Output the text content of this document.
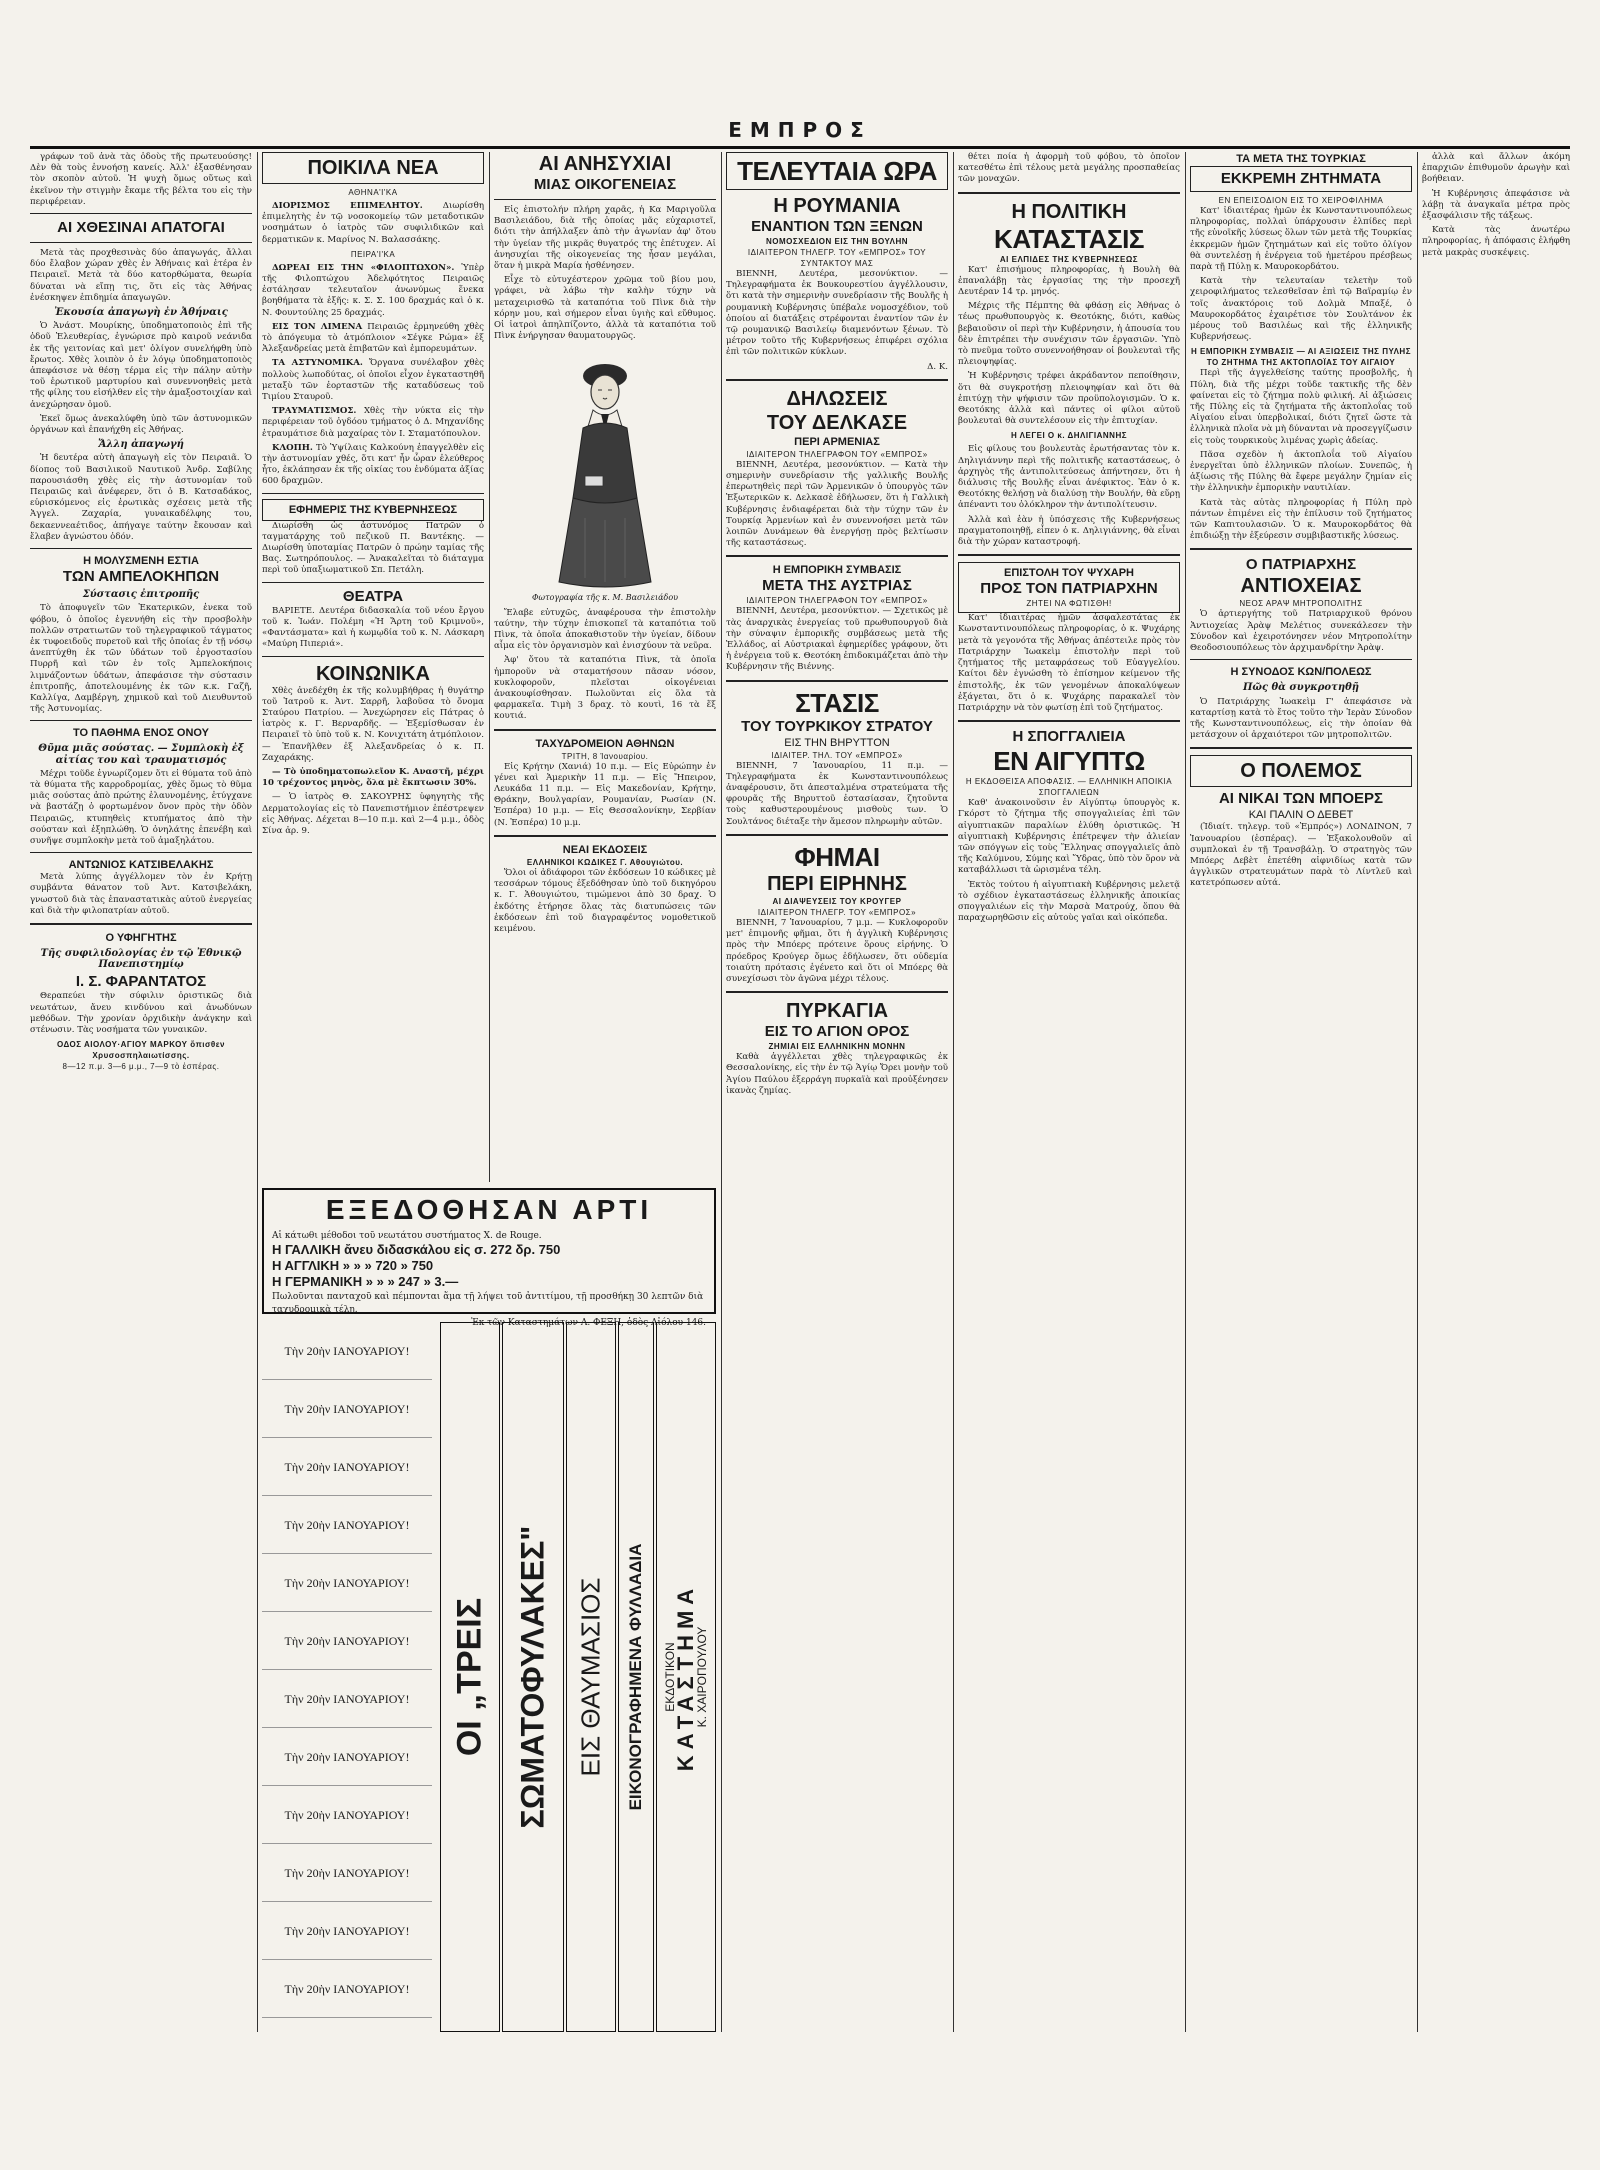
ΕΜΠΡΟΣ

γράφων τοῦ ἀνὰ τὰς ὁδοὺς τῆς πρωτευούσης! Δὲν θὰ τοὺς ἐννοήσῃ κανείς. Ἀλλ' ἐξασθένησαν τὸν σκοπὸν αὐτοῦ. Ἡ ψυχὴ ὅμως οὕτως καὶ ἐκεῖνον τὴν στιγμὴν ἔκαμε τῆς βέλτα του εἰς τὴν περιφέρειαν.

ΑΙ ΧΘΕΣΙΝΑΙ ΑΠΑΤΟΓΑΙ

Μετὰ τὰς προχθεσινὰς δύο ἀπαγωγάς, ἄλλαι δύο ἔλαβον χώραν χθὲς ἐν Ἀθήναις καὶ ἑτέρα ἐν Πειραιεῖ. Μετὰ τὰ δύο κατορθώματα, θεωρία δύναται νὰ εἴπῃ τις, ὅτι εἰς τὰς Ἀθήνας ἐνέσκηψεν ἐπιδημία ἀπαγωγῶν.

Ἐκουσία ἀπαγωγὴ ἐν Ἀθήναις

Ὁ Ἀνάστ. Μουρίκης, ὑποδηματοποιὸς ἐπὶ τῆς ὁδοῦ Ἐλευθερίας, ἐγνώρισε πρὸ καιροῦ νεάνιδα ἐκ τῆς γειτονίας καὶ μετ' ὀλίγον συνελήφθη ὑπὸ ἔρωτος. Χθὲς λοιπὸν ὁ ἐν λόγῳ ὑποδηματοποιὸς ἀπεφάσισε νὰ θέσῃ τέρμα εἰς τὴν πάλην αὐτὴν τοῦ ἐρωτικοῦ μαρτυρίου καὶ συνεννοηθεὶς μετὰ τῆς φίλης του εἰσήλθεν εἰς τὴν ἁμαξοστοιχίαν καὶ ἀνεχώρησαν ὁμοῦ.

Ἐκεῖ ὅμως ἀνεκαλύφθη ὑπὸ τῶν ἀστυνομικῶν ὀργάνων καὶ ἐπανήχθη εἰς Ἀθήνας.

Ἄλλη ἀπαγωγή

Ἡ δευτέρα αὐτὴ ἀπαγωγὴ εἰς τὸν Πειραιᾶ. Ὁ δίοπος τοῦ Βασιλικοῦ Ναυτικοῦ Ἀνδρ. Σαβίλης παρουσιάσθη χθὲς εἰς τὴν ἀστυνομίαν τοῦ Πειραιῶς καὶ ἀνέφερεν, ὅτι ὁ Β. Κατσαδάκος, εὑρισκόμενος εἰς ἐρωτικὰς σχέσεις μετὰ τῆς Ἀγγελ. Ζαχαρία, γυναικαδέλφης του, δεκαεννεαέτιδος, ἀπήγαγε ταύτην ἔκουσαν καὶ ἔλαβεν ἀγνώστου ὁδόν.

Η ΜΟΛΥΣΜΕΝΗ ΕΣΤΙΑ
ΤΩΝ ΑΜΠΕΛΟΚΗΠΩΝ
Σύστασις ἐπιτροπῆς

Τὸ ἀποφυγεῖν τῶν Ἐκατερικῶν, ἐνεκα τοῦ φόβου, ὁ ὁποῖος ἐγεννήθη εἰς τὴν προσβολὴν πολλῶν στρατιωτῶν τοῦ τηλεγραφικοῦ τάγματος ἐκ τυφοειδοῦς πυρετοῦ καὶ τῆς ὁποίας ἐν τῇ νόσῳ ἀνεπτύχθη ἐκ τῶν ὑδάτων τοῦ ἐργοστασίου Πυρρῆ καὶ τῶν ἐν τοῖς Ἀμπελοκήποις λιμνάζοντων ὑδάτων, ἀπεφάσισε τὴν σύστασιν ἐπιτροπῆς, ἀποτελουμένης ἐκ τῶν κ.κ. Γαζῆ, Καλλίγα, Δαμβέργη, χημικοῦ καὶ τοῦ Διευθυντοῦ τῆς Ἀστυνομίας.

ΤΟ ΠΑΘΗΜΑ ΕΝΟΣ ΟΝΟΥ
Θῦμα μιᾶς σούστας. — Συμπλοκὴ ἐξ αἰτίας του καὶ τραυματισμός

Μέχρι τοῦδε ἐγνωρίζομεν ὅτι εἰ θύματα τοῦ ἀπὸ τὰ θύματα τῆς καρροδρομίας, χθὲς ὅμως τὸ θῦμα μιᾶς σούστας ἀπὸ πρώτης ἐλαυνομένης, ἐτύγχανε νὰ βαστάζῃ ὁ φορτωμένον ὄνον πρὸς τὴν ὁδὸν Πειραιῶς, κτυπηθεὶς κτυπήματος ἀπὸ τὴν σούσταν καὶ ἐξηπλώθη. Ὁ ὀνηλάτης ἐπενέβη καὶ συνῆψε συμπλοκὴν μετὰ τοῦ ἁμαξηλάτου.

ΑΝΤΩΝΙΟΣ ΚΑΤΣΙΒΕΛΑΚΗΣ

Μετὰ λύπης ἀγγέλλομεν τὸν ἐν Κρήτῃ συμβάντα θάνατον τοῦ Ἀντ. Κατσιβελάκη, γνωστοῦ διὰ τὰς ἐπαναστατικὰς αὐτοῦ ἐνεργείας καὶ διὰ τὴν φιλοπατρίαν αὐτοῦ.

Ο ΥΦΗΓΗΤΗΣ
Τῆς συφιλιδολογίας ἐν τῷ Ἐθνικῷ Πανεπιστημίῳ
Ι. Σ. ΦΑΡΑΝΤΑΤΟΣ

Θεραπεύει τὴν σύφιλιν ὁριστικῶς διὰ νεωτάτων, ἄνευ κινδύνου καὶ ἀνωδύνων μεθόδων. Τὴν χρονίαν ὀρχιδικὴν ἀνάγκην καὶ στένωσιν. Τὰς νοσήματα τῶν γυναικῶν.

ΟΔΟΣ ΑΙΟΛΟΥ·ΑΓΙΟΥ ΜΑΡΚΟΥ ὄπισθεν Χρυσοσπηλαιωτίσσης.
8—12 π.μ. 3—6 μ.μ., 7—9 τὸ ἑσπέρας.
ΠΟΙΚΙΛΑ ΝΕΑ
ΑΘΗΝΑ'Ι'ΚΑ

ΔΙΟΡΙΣΜΟΣ ΕΠΙΜΕΛΗΤΟΥ. Διωρίσθη ἐπιμελητὴς ἐν τῷ νοσοκομείῳ τῶν μεταδοτικῶν νοσημάτων ὁ ἰατρὸς τῶν συφιλιδικῶν καὶ δερματικῶν κ. Μαρίνος Ν. Βαλασσάκης.

ΠΕΙΡΑ'Ι'ΚΑ

ΔΩΡΕΑΙ ΕΙΣ ΤΗΝ «ΦΙΛΟΠΤΩΧΟΝ». Ὑπὲρ τῆς Φιλοπτώχου Ἀδελφότητος Πειραιῶς ἐστάλησαν τελευταῖον ἀνωνύμως ἕνεκα βοηθήματα τὰ ἑξῆς: κ. Σ. Σ. 100 δραχμάς καὶ ὁ κ. Ν. Φουντούλης 25 δραχμάς.

ΕΙΣ ΤΟΝ ΛΙΜΕΝΑ Πειραιῶς ἐρμηνεύθη χθὲς τὸ ἀπόγευμα τὸ ἀτμόπλοιον «Σέγκε Ρώμα» ἐξ Ἀλεξανδρείας μετὰ ἐπιβατῶν καὶ ἐμπορευμάτων.

ΤΑ ΑΣΤΥΝΟΜΙΚΑ. Ὄργανα συνέλαβον χθὲς πολλοὺς λωποδύτας, οἱ ὁποῖοι εἶχον ἐγκαταστηθῆ μεταξὺ τῶν ἐορταστῶν τῆς καταδύσεως τοῦ Τιμίου Σταυροῦ.

ΤΡΑΥΜΑΤΙΣΜΟΣ. Χθὲς τὴν νύκτα εἰς τὴν περιφέρειαν τοῦ ὀγδόου τμήματος ὁ Δ. Μηχανίδης ἐτραυμάτισε διὰ μαχαίρας τὸν Ι. Σταματόπουλον.

ΚΛΟΠΗ. Τὸ Ὑψίλαις Καλκούνη ἐπαγγελθὲν εἰς τὴν ἀστυνομίαν χθές, ὅτι κατ' ἦν ὧραν ἐλεύθερος ἦτο, ἐκλάπησαν ἐκ τῆς οἰκίας του ἐνδύματα ἀξίας 600 δραχμῶν.

ΕΦΗΜΕΡΙΣ ΤΗΣ ΚΥΒΕΡΝΗΣΕΩΣ

Διωρίσθη ὡς ἀστυνόμος Πατρῶν ὁ ταγματάρχης τοῦ πεζικοῦ Π. Βαντέκης. — Διωρίσθη ὑποταμίας Πατρῶν ὁ πρώην ταμίας τῆς Βας. Σωτηρόπουλος. — Ἀνακαλεῖται τὸ διάταγμα περὶ τοῦ ὑπαξιωματικοῦ Σπ. Πετάλη.

ΘΕΑΤΡΑ

ΒΑΡΙΕΤΕ. Δευτέρα διδασκαλία τοῦ νέου ἔργου τοῦ κ. Ἰωάν. Πολέμη «Ἡ Ἄρτη τοῦ Κριμνοῦ», «Φαντάσματα» καὶ ἡ κωμῳδία τοῦ κ. Ν. Λάσκαρη «Μαύρη Πιπεριά».

ΚΟΙΝΩΝΙΚΑ

Χθὲς ἀνεδέχθη ἐκ τῆς κολυμβήθρας ἡ θυγάτηρ τοῦ Ἰατροῦ κ. Ἀντ. Σαρρῆ, λαβοῦσα τὸ ὄνομα Σταύρου Πατρίου. — Ἀνεχώρησεν εἰς Πάτρας ὁ ἰατρὸς κ. Γ. Βερναρδῆς. — Ἐξεμίσθωσαν ἐν Πειραιεῖ τὸ ὑπὸ τοῦ κ. Ν. Κονιχιτάτη ἀτμόπλοιον. — Ἐπανῆλθεν ἐξ Ἀλεξανδρείας ὁ κ. Π. Ζαχαράκης.

— Τὸ ὑποδηματοπωλεῖον Κ. Αναστῆ, μέχρι 10 τρέχοντος μηνὸς, ὅλα μὲ ἔκπτωσιν 30%.

— Ὁ ἰατρὸς Θ. ΣΑΚΟΥΡΗΣ ὑφηγητὴς τῆς Δερματολογίας εἰς τὸ Πανεπιστήμιον ἐπέστρεψεν εἰς Ἀθήνας. Δέχεται 8—10 π.μ. καὶ 2—4 μ.μ., ὁδὸς Σίνα ἀρ. 9.

ΑΙ ΑΝΗΣΥΧΙΑΙ
ΜΙΑΣ ΟΙΚΟΓΕΝΕΙΑΣ

Εἰς ἐπιστολήν πλήρη χαρᾶς, ἡ Κα Μαριγοῦλα Βασιλειάδου, διὰ τῆς ὁποίας μᾶς εὐχαριστεῖ, διότι τὴν ἀπήλλαξεν ἀπὸ τὴν ἀγωνίαν ἀφ' ὅτου τὴν ὑγείαν τῆς μικρᾶς θυγατρός της ἐπέτυχεν. Αἱ ἀνησυχίαι τῆς οἰκογενείας της ἦσαν μεγάλαι, ὅταν ἡ μικρὰ Μαρία ἠσθένησεν.

Εἶχε τὸ εὐτυχέστερον χρῶμα τοῦ βίου μου, γράφει, νὰ λάβω τὴν καλὴν τύχην νὰ μεταχειρισθῶ τὰ καταπότια τοῦ Πὶνκ διὰ τὴν κόρην μου, καὶ σήμερον εἶναι ὑγιὴς καὶ εὔθυμος. Οἱ ἰατροὶ ἀπηλπίζοντο, ἀλλὰ τὰ καταπότια τοῦ Πὶνκ ἐνήργησαν θαυματουργῶς.

Φωτογραφία τῆς κ. Μ. Βασιλειάδου

Ἔλαβε εὐτυχῶς, ἀναφέρουσα τὴν ἐπιστολὴν ταύτην, τὴν τύχην ἐπισκοπεῖ τὰ καταπότια τοῦ Πὶνκ, τὰ ὁποῖα ἀποκαθιστοῦν τὴν ὑγείαν, δίδουν αἷμα εἰς τὸν ὀργανισμὸν καὶ ἐνισχύουν τὰ νεῦρα.

Ἀφ' ὅτου τὰ καταπότια Πὶνκ, τὰ ὁποῖα ἠμποροῦν νὰ σταματήσουν πᾶσαν νόσον, κυκλοφοροῦν, πλεῖσται οἰκογένειαι ἀνακουφίσθησαν. Πωλοῦνται εἰς ὅλα τὰ φαρμακεῖα. Τιμὴ 3 δραχ. τὸ κουτὶ, 16 τὰ ἕξ κουτιά.

ΤΑΧΥΔΡΟΜΕΙΟΝ ΑΘΗΝΩΝ
ΤΡΙΤΗ, 8 Ἰανουαρίου.

Εἰς Κρήτην (Χανιά) 10 π.μ. — Εἰς Εὐρώπην ἐν γένει καὶ Ἀμερικὴν 11 π.μ. — Εἰς Ἤπειρον, Λευκάδα 11 π.μ. — Εἰς Μακεδονίαν, Κρήτην, Θράκην, Βουλγαρίαν, Ρουμανίαν, Ρωσίαν (Ν. Ἑσπέρα) 10 μ.μ. — Εἰς Θεσσαλονίκην, Σερβίαν (Ν. Ἑσπέρα) 10 μ.μ.

ΝΕΑΙ ΕΚΔΟΣΕΙΣ
ΕΛΛΗΝΙΚΟΙ ΚΩΔΙΚΕΣ Γ. Αθουγιώτου.

Ὅλοι οἱ ἀδιάφοροι τῶν ἐκδόσεων 10 κώδικες μὲ τεσσάρων τόμους ἐξεδόθησαν ὑπὸ τοῦ δικηγόρου κ. Γ. Ἀθουγιώτου, τιμώμενοι ἀπὸ 30 δραχ. Ὁ ἐκδότης ἐτήρησε ὅλας τὰς διατυπώσεις τῶν ἐκδόσεων ἐπὶ τοῦ διαγραφέντος νομοθετικοῦ κειμένου.

ΕΞΕΔΟΘΗΣΑΝ ΑΡΤΙ
Αἱ κάτωθι μέθοδοι τοῦ νεωτάτου συστήματος Χ. de Rouge.
Η ΓΑΛΛΙΚΗ ἄνευ διδασκάλου εἰς σ. 272 δρ. 750
Η ΑΓΓΛΙΚΗ » » » 720 » 750
Η ΓΕΡΜΑΝΙΚΗ » » » 247 » 3.—
Πωλοῦνται πανταχοῦ καὶ πέμπονται ἅμα τῇ λήψει τοῦ ἀντιτίμου, τῇ προσθήκῃ 30 λεπτῶν διὰ ταχυδρομικὰ τέλη.
Ἐκ τῶν Καταστημάτων Α. ΦΕΞΗ, ὁδὸς Αἰόλου 146.
Τὴν 20ὴν ΙΑΝΟΥΑΡΙΟΥ!
Τὴν 20ὴν ΙΑΝΟΥΑΡΙΟΥ!
Τὴν 20ὴν ΙΑΝΟΥΑΡΙΟΥ!
Τὴν 20ὴν ΙΑΝΟΥΑΡΙΟΥ!
Τὴν 20ὴν ΙΑΝΟΥΑΡΙΟΥ!
Τὴν 20ὴν ΙΑΝΟΥΑΡΙΟΥ!
Τὴν 20ὴν ΙΑΝΟΥΑΡΙΟΥ!
Τὴν 20ὴν ΙΑΝΟΥΑΡΙΟΥ!
Τὴν 20ὴν ΙΑΝΟΥΑΡΙΟΥ!
Τὴν 20ὴν ΙΑΝΟΥΑΡΙΟΥ!
Τὴν 20ὴν ΙΑΝΟΥΑΡΙΟΥ!
Τὴν 20ὴν ΙΑΝΟΥΑΡΙΟΥ!
ΟΙ „ΤΡΕΙΣ ΣΩΜΑΤΟΦΥΛΑΚΕΣ" ΕΙΣ ΘΑΥΜΑΣΙΟΣ ΕΙΚΟΝΟΓΡΑΦΗΜΕΝΑ ΦΥΛΛΑΔΙΑ ΕΚΔΟΤΙΚΟΝ
ΚΑΤΑΣΤΗΜΑ
Κ. ΧΑΙΡΟΠΟΥΛΟΥ
ΤΕΛΕΥΤΑΙΑ ΩΡΑ
Η ΡΟΥΜΑΝΙΑ
ΕΝΑΝΤΙΟΝ ΤΩΝ ΞΕΝΩΝ
ΝΟΜΟΣΧΕΔΙΟΝ ΕΙΣ ΤΗΝ ΒΟΥΛΗΝ
ΙΔΙΑΙΤΕΡΟΝ ΤΗΛΕΓΡ. ΤΟΥ «ΕΜΠΡΟΣ» ΤΟΥ ΣΥΝΤΑΚΤΟΥ ΜΑΣ

ΒΙΕΝΝΗ, Δευτέρα, μεσονύκτιον. — Τηλεγραφήματα ἐκ Βουκουρεστίου ἀγγέλλουσιν, ὅτι κατὰ τὴν σημερινὴν συνεδρίασιν τῆς Βουλῆς ἡ ρουμανικὴ Κυβέρνησις ὑπέβαλε νομοσχέδιον, τοῦ ὁποίου αἱ διατάξεις στρέφονται ἐναντίον τῶν ἐν τῷ ρουμανικῷ Βασιλείῳ διαμενόντων ξένων. Τὸ μέτρον τοῦτο τῆς Κυβερνήσεως ἐπιφέρει σχόλια ἐπὶ τῶν πολιτικῶν κύκλων.

Δ. Κ.
ΔΗΛΩΣΕΙΣ
ΤΟΥ ΔΕΛΚΑΣΕ
ΠΕΡΙ ΑΡΜΕΝΙΑΣ
ΙΔΙΑΙΤΕΡΟΝ ΤΗΛΕΓΡΑΦΟΝ ΤΟΥ «ΕΜΠΡΟΣ»

ΒΙΕΝΝΗ, Δευτέρα, μεσονύκτιον. — Κατὰ τὴν σημερινὴν συνεδρίασιν τῆς γαλλικῆς Βουλῆς ἐπερωτηθεὶς περὶ τῶν Ἀρμενικῶν ὁ ὑπουργὸς τῶν Ἐξωτερικῶν κ. Δελκασὲ ἐδήλωσεν, ὅτι ἡ Γαλλικὴ Κυβέρνησις ἐνδιαφέρεται διὰ τὴν τύχην τῶν ἐν Τουρκίᾳ Ἀρμενίων καὶ ἐν συνεννοήσει μετὰ τῶν λοιπῶν Δυνάμεων θὰ ἐνεργήσῃ πρὸς βελτίωσιν τῆς καταστάσεως.

Η ΕΜΠΟΡΙΚΗ ΣΥΜΒΑΣΙΣ
ΜΕΤΑ ΤΗΣ ΑΥΣΤΡΙΑΣ
ΙΔΙΑΙΤΕΡΟΝ ΤΗΛΕΓΡΑΦΟΝ ΤΟΥ «ΕΜΠΡΟΣ»

ΒΙΕΝΝΗ, Δευτέρα, μεσονύκτιον. — Σχετικῶς μὲ τὰς ἀναρχικὰς ἐνεργείας τοῦ πρωθυπουργοῦ διὰ τὴν σύναψιν ἐμπορικῆς συμβάσεως μετὰ τῆς Ἑλλάδος, αἱ Αὐστριακαὶ ἐφημερίδες γράφουν, ὅτι ἡ ἐνέργεια τοῦ κ. Θεοτόκη ἐπιδοκιμάζεται ἀπὸ τὴν Κυβέρνησιν τῆς Βιέννης.

ΣΤΑΣΙΣ
ΤΟΥ ΤΟΥΡΚΙΚΟΥ ΣΤΡΑΤΟΥ
ΕΙΣ ΤΗΝ ΒΗΡΥΤΤΟΝ
ΙΔΙΑΙΤΕΡ. ΤΗΛ. ΤΟΥ «ΕΜΠΡΟΣ»

ΒΙΕΝΝΗ, 7 Ἰανουαρίου, 11 π.μ. — Τηλεγραφήματα ἐκ Κωνσταντινουπόλεως ἀναφέρουσιν, ὅτι ἀπεσταλμένα στρατεύματα τῆς φρουρᾶς τῆς Βηρυττοῦ ἐστασίασαν, ζητοῦντα τοὺς καθυστερουμένους μισθοὺς των. Ὁ Σουλτάνος διέταξε τὴν ἄμεσον πληρωμὴν αὐτῶν.

ΦΗΜΑΙ
ΠΕΡΙ ΕΙΡΗΝΗΣ
ΑΙ ΔΙΑΨΕΥΣΕΙΣ ΤΟΥ ΚΡΟΥΓΕΡ
ΙΔΙΑΙΤΕΡΟΝ ΤΗΛΕΓΡ. ΤΟΥ «ΕΜΠΡΟΣ»

ΒΙΕΝΝΗ, 7 Ἰανουαρίου, 7 μ.μ. — Κυκλοφοροῦν μετ' ἐπιμονῆς φῆμαι, ὅτι ἡ ἀγγλικὴ Κυβέρνησις πρὸς τὴν Μπόερς πρότεινε ὅρους εἰρήνης. Ὁ πρόεδρος Κρούγερ ὅμως ἐδήλωσεν, ὅτι οὐδεμία τοιαύτη πρότασις ἐγένετο καὶ ὅτι οἱ Μπόερς θὰ συνεχίσωσι τὸν ἀγῶνα μέχρι τέλους.

ΠΥΡΚΑΓΙΑ
ΕΙΣ ΤΟ ΑΓΙΟΝ ΟΡΟΣ
ΖΗΜΙΑΙ ΕΙΣ ΕΛΛΗΝΙΚΗΝ ΜΟΝΗΝ

Καθὰ ἀγγέλλεται χθὲς τηλεγραφικῶς ἐκ Θεσσαλονίκης, εἰς τὴν ἐν τῷ Ἁγίῳ Ὄρει μονὴν τοῦ Ἁγίου Παύλου ἐξερράγη πυρκαϊὰ καὶ προὐξένησεν ἱκανὰς ζημίας.

θέτει ποία ἡ ἀφορμὴ τοῦ φόβου, τὸ ὁποῖον κατεσθέτω ἐπὶ τέλους μετὰ μεγάλης προσπαθείας τῶν μοναχῶν.

Η ΠΟΛΙΤΙΚΗ
ΚΑΤΑΣΤΑΣΙΣ
ΑΙ ΕΛΠΙΔΕΣ ΤΗΣ ΚΥΒΕΡΝΗΣΕΩΣ

Κατ' ἐπισήμους πληροφορίας, ἡ Βουλὴ θὰ ἐπαναλάβῃ τὰς ἐργασίας της τὴν προσεχῆ Δευτέραν 14 τρ. μηνός.

Μέχρις τῆς Πέμπτης θὰ φθάσῃ εἰς Ἀθήνας ὁ τέως πρωθυπουργὸς κ. Θεοτόκης, διότι, καθὼς βεβαιοῦσιν οἱ περὶ τὴν Κυβέρνησιν, ἡ ἀπουσία του δὲν ἐπιτρέπει τὴν συνέχισιν τῶν ἐργασιῶν. Ὑπὸ τὸ πνεῦμα τοῦτο συνεννοήθησαν οἱ βουλευταὶ τῆς πλειοψηφίας.

Ἡ Κυβέρνησις τρέφει ἀκράδαντον πεποίθησιν, ὅτι θὰ συγκροτήσῃ πλειοψηφίαν καὶ ὅτι θὰ ἐπιτύχῃ τὴν ψήφισιν τῶν προϋπολογισμῶν. Ὁ κ. Θεοτόκης ἀλλὰ καὶ πάντες οἱ φίλοι αὐτοῦ βουλευταὶ θὰ συντελέσουν εἰς τὴν ἐπιτυχίαν.

Η ΛΕΓΕΙ Ο κ. ΔΗΛΙΓΙΑΝΝΗΣ

Εἰς φίλους του βουλευτὰς ἐρωτήσαντας τὸν κ. Δηλιγιάννην περὶ τῆς πολιτικῆς καταστάσεως, ὁ ἀρχηγὸς τῆς ἀντιπολιτεύσεως ἀπήντησεν, ὅτι ἡ διάλυσις τῆς Βουλῆς εἶναι ἀνέφικτος. Ἐὰν ὁ κ. Θεοτόκης θελήσῃ νὰ διαλύσῃ τὴν Βουλήν, θὰ εὕρῃ ἀπέναντι του ὁλόκληρον τὴν ἀντιπολίτευσιν.

Ἀλλὰ καὶ ἐὰν ἡ ὑπόσχεσις τῆς Κυβερνήσεως πραγματοποιηθῇ, εἶπεν ὁ κ. Δηλιγιάννης, θὰ εἶναι διὰ τὴν χώραν καταστροφή.

ΕΠΙΣΤΟΛΗ ΤΟΥ ΨΥΧΑΡΗ
ΠΡΟΣ ΤΟΝ ΠΑΤΡΙΑΡΧΗΝ
ΖΗΤΕΙ ΝΑ ΦΩΤΙΣΘΗ!

Κατ' ἰδιαιτέρας ἡμῶν ἀσφαλεστάτας ἐκ Κωνσταντινουπόλεως πληροφορίας, ὁ κ. Ψυχάρης μετὰ τὰ γεγονότα τῆς Ἀθήνας ἀπέστειλε πρὸς τὸν Πατριάρχην Ἰωακεὶμ ἐπιστολὴν περὶ τοῦ ζητήματος τῆς μεταφράσεως τοῦ Εὐαγγελίου. Καίτοι δὲν ἐγνώσθη τὸ ἐπίσημον κείμενον τῆς ἐπιστολῆς, ἐκ τῶν γενομένων ἀποκαλύψεων ἐξάγεται, ὅτι ὁ κ. Ψυχάρης παρακαλεῖ τὸν Πατριάρχην νὰ τὸν φωτίσῃ ἐπὶ τοῦ ζητήματος.

Η ΣΠΟΓΓΑΛΙΕΙΑ
ΕΝ ΑΙΓΥΠΤΩ
Η ΕΚΔΟΘΕΙΣΑ ΑΠΟΦΑΣΙΣ. — ΕΛΛΗΝΙΚΗ ΑΠΟΙΚΙΑ ΣΠΟΓΓΑΛΙΕΩΝ

Καθ' ἀνακοινοῦσιν ἐν Αἰγύπτῳ ὑπουργὸς κ. Γκόρστ τὸ ζήτημα τῆς σπογγαλιείας ἐπὶ τῶν αἰγυπτιακῶν παραλίων ἐλύθη ὁριστικῶς. Ἡ αἰγυπτιακὴ Κυβέρνησις ἐπέτρεψεν τὴν ἁλιείαν τῶν σπόγγων εἰς τοὺς Ἕλληνας σπογγαλιεῖς ἀπὸ τῆς Καλύμνου, Σύμης καὶ Ὕδρας, ὑπὸ τὸν ὅρον νὰ καταβάλλωσι τὰ ὡρισμένα τέλη.

Ἐκτὸς τούτου ἡ αἰγυπτιακὴ Κυβέρνησις μελετᾷ τὸ σχέδιον ἐγκαταστάσεως ἑλληνικῆς ἀποικίας σπογγαλιέων εἰς τὴν Μαρσὰ Ματρούχ, ὅπου θὰ παραχωρηθῶσιν εἰς αὐτοὺς γαῖαι καὶ οἰκόπεδα.

ΤΑ ΜΕΤΑ ΤΗΣ ΤΟΥΡΚΙΑΣ
ΕΚΚΡΕΜΗ ΖΗΤΗΜΑΤΑ
ΕΝ ΕΠΕΙΣΟΔΙΟΝ ΕΙΣ ΤΟ ΧΕΙΡΟΦΙΛΗΜΑ

Κατ' ἰδιαιτέρας ἡμῶν ἐκ Κωνσταντινουπόλεως πληροφορίας, πολλαὶ ὑπάρχουσιν ἐλπίδες περὶ τῆς εὐνοϊκῆς λύσεως ὅλων τῶν μετὰ τῆς Τουρκίας ἐκκρεμῶν ἡμῶν ζητημάτων καὶ εἰς τοῦτο ὀλίγον θὰ συντελέσῃ ἡ ἐνέργεια τοῦ ἡμετέρου πρέσβεως παρὰ τῇ Πύλῃ κ. Μαυροκορδάτου.

Κατὰ τὴν τελευταίαν τελετὴν τοῦ χειροφιλήματος τελεσθεῖσαν ἐπὶ τῷ Βαϊραμίῳ ἐν τοῖς ἀνακτόροις τοῦ Δολμὰ Μπαξέ, ὁ Μαυροκορδάτος ἐχαιρέτισε τὸν Σουλτάνον ἐκ μέρους τοῦ Βασιλέως καὶ τῆς ἑλληνικῆς Κυβερνήσεως.

Η ΕΜΠΟΡΙΚΗ ΣΥΜΒΑΣΙΣ — ΑΙ ΑΞΙΩΣΕΙΣ ΤΗΣ ΠΥΛΗΣ
ΤΟ ΖΗΤΗΜΑ ΤΗΣ ΑΚΤΟΠΛΟΪΑΣ ΤΟΥ ΑΙΓΑΙΟΥ

Περὶ τῆς ἀγγελθείσης ταύτης προσβολῆς, ἡ Πύλη, διὰ τῆς μέχρι τοῦδε τακτικῆς τῆς δὲν φαίνεται εἰς τὸ ζήτημα πολὺ φιλική. Αἱ ἀξιώσεις τῆς Πύλης εἰς τὰ ζητήματα τῆς ἀκτοπλοΐας τοῦ Αἰγαίου εἶναι ὑπερβολικαί, διότι ζητεῖ ὥστε τὰ ἑλληνικὰ πλοῖα νὰ μὴ δύνανται νὰ προσεγγίζωσιν εἰς τοὺς τουρκικοὺς λιμένας χωρὶς ἀδείας.

Πᾶσα σχεδὸν ἡ ἀκτοπλοΐα τοῦ Αἰγαίου ἐνεργεῖται ὑπὸ ἑλληνικῶν πλοίων. Συνεπῶς, ἡ ἀξίωσις τῆς Πύλης θὰ ἔφερε μεγάλην ζημίαν εἰς τὴν ἑλληνικὴν ἐμπορικὴν ναυτιλίαν.

Κατὰ τὰς αὐτὰς πληροφορίας ἡ Πύλη πρὸ πάντων ἐπιμένει εἰς τὴν ἐπίλυσιν τοῦ ζητήματος τῶν Καπιτουλασιῶν. Ὁ κ. Μαυροκορδάτος θὰ ἐπιδιώξῃ τὴν ἐξεύρεσιν συμβιβαστικῆς λύσεως.

Ο ΠΑΤΡΙΑΡΧΗΣ
ΑΝΤΙΟΧΕΙΑΣ
ΝΕΟΣ ΑΡΑΨ ΜΗΤΡΟΠΟΛΙΤΗΣ

Ὁ ἀρτιεργήτης τοῦ Πατριαρχικοῦ θρόνου Ἀντιοχείας Ἀρὰψ Μελέτιος συνεκάλεσεν τὴν Σύνοδον καὶ ἐχειροτόνησεν νέον Μητροπολίτην Θεοδοσιουπόλεως τὸν ἀρχιμανδρίτην Ἀρὰψ.

Η ΣΥΝΟΔΟΣ ΚΩΝ/ΠΟΛΕΩΣ
Πῶς θὰ συγκροτηθῇ

Ὁ Πατριάρχης Ἰωακεὶμ Γ' ἀπεφάσισε νὰ καταρτίσῃ κατὰ τὸ ἔτος τοῦτο τὴν Ἱερὰν Σύνοδον τῆς Κωνσταντινουπόλεως, εἰς τὴν ὁποίαν θὰ μετάσχουν οἱ ἀρχαιότεροι τῶν μητροπολιτῶν.

Ο ΠΟΛΕΜΟΣ
ΑΙ ΝΙΚΑΙ ΤΩΝ ΜΠΟΕΡΣ
ΚΑΙ ΠΑΛΙΝ Ο ΔΕΒΕΤ

(Ἰδιαίτ. τηλεγρ. τοῦ «Ἐμπρός») ΛΟΝΔΙΝΟΝ, 7 Ἰανουαρίου (ἑσπέρας). — Ἐξακολουθοῦν αἱ συμπλοκαὶ ἐν τῇ Τρανσβάλῃ. Ὁ στρατηγὸς τῶν Μπόερς Δεβὲτ ἐπετέθη αἰφνιδίως κατὰ τῶν ἀγγλικῶν στρατευμάτων παρὰ τὸ Λίντλεϋ καὶ κατετρόπωσεν αὐτά.

ἀλλὰ καὶ ἄλλων ἀκόμη ἐπαρχιῶν ἐπιθυμοῦν ἀρωγὴν καὶ βοήθειαν.

Ἡ Κυβέρνησις ἀπεφάσισε νὰ λάβῃ τὰ ἀναγκαῖα μέτρα πρὸς ἐξασφάλισιν τῆς τάξεως.

Κατὰ τὰς ἀνωτέρω πληροφορίας, ἡ ἀπόφασις ἐλήφθη μετὰ μακρὰς συσκέψεις.
